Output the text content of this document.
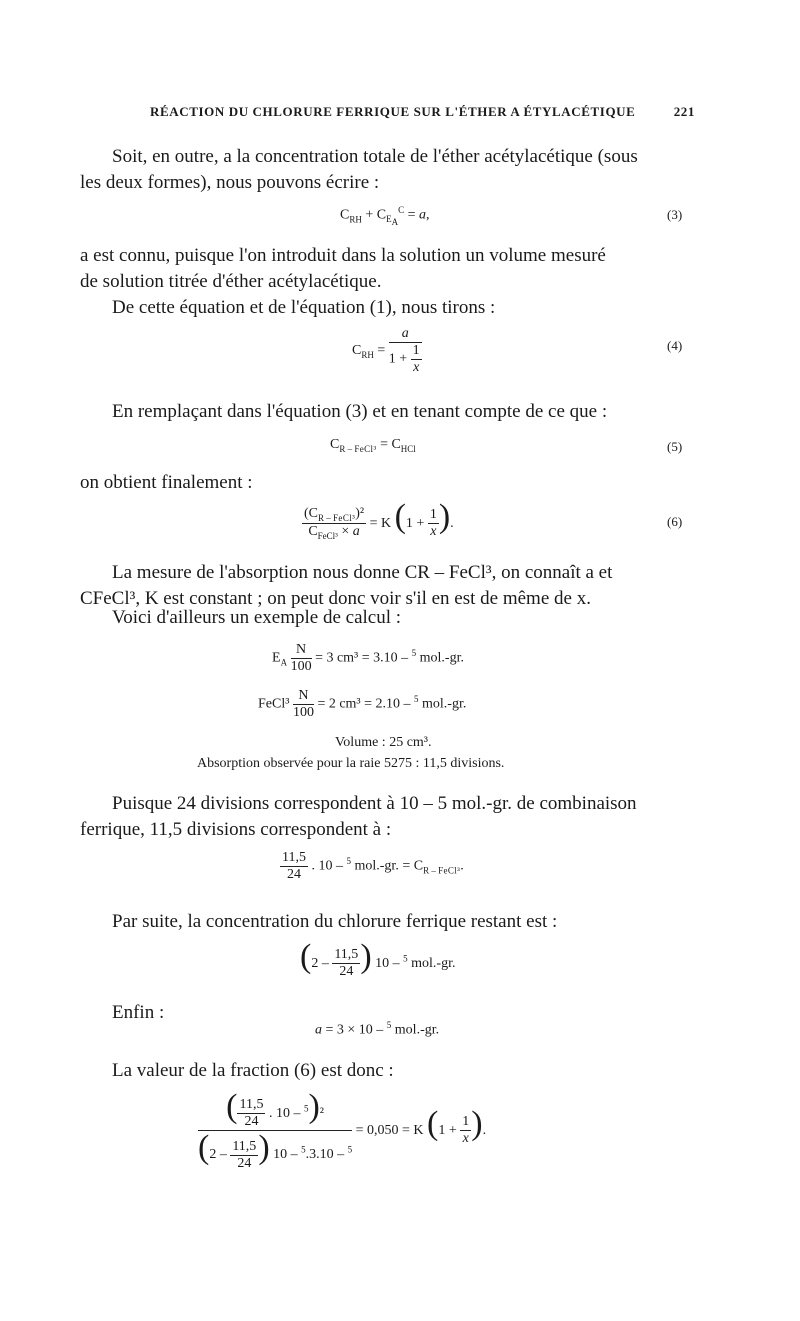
RÉACTION DU CHLORURE FERRIQUE SUR L'ÉTHER A ÉTYLACÉTIQUE	221
Soit, en outre, a la concentration totale de l'éther acétylacétique (sous
les deux formes), nous pouvons écrire :
$C_{RH} + C_{E_A}^C = a$,	(3)
a est connu, puisque l'on introduit dans la solution un volume mesuré
de solution titrée d'éther acétylacétique.
De cette équation et de l'équation (1), nous tirons :
$C_{RH} = \frac{a}{1 + \frac{1}{x}}$	(4)
En remplaçant dans l'équation (3) et en tenant compte de ce que :
$C_{R - FeCl^3} = C_{HCl}$	(5)
on obtient finalement :
$\frac{(C_{R - FeCl^3})^2}{C_{FeCl^3} \times a} = K$ ($1 + \frac{1}{x}$ ).	(6)
La mesure de l'absorption nous donne CR – FeCl³, on connaît a et
CFeCl³, K est constant ; on peut donc voir s'il en est de même de x.
Voici d'ailleurs un exemple de calcul :
$E_A \frac{N}{100} = 3$ cm³ = 3.10 – $^5$ mol.-gr.
FeCl³ $\frac{N}{100} = 2$ cm³ = 2.10 – $^5$ mol.-gr.
Volume : 25 cm³.
Absorption observée pour la raie 5275 : 11,5 divisions.
Puisque 24 divisions correspondent à 10 – 5 mol.-gr. de combinaison
ferrique, 11,5 divisions correspondent à :
$\frac{11,5}{24}$ . 10 – $^5$ mol.-gr. = $C_{R - FeCl^3}$.
Par suite, la concentration du chlorure ferrique restant est :
($2 - \frac{11,5}{24}$ ) 10 – $^5$ mol.-gr.
Enfin :
a = 3 × 10 – $^5$ mol.-gr.
La valeur de la fraction (6) est donc :
$\frac{( \frac{11,5}{24} . 10 - ^5)^2}{(2 - \frac{11,5}{24} ) 10 - ^5.3.10 - ^5} = 0,050 = K$ ($1 + \frac{1}{x}$ ).
